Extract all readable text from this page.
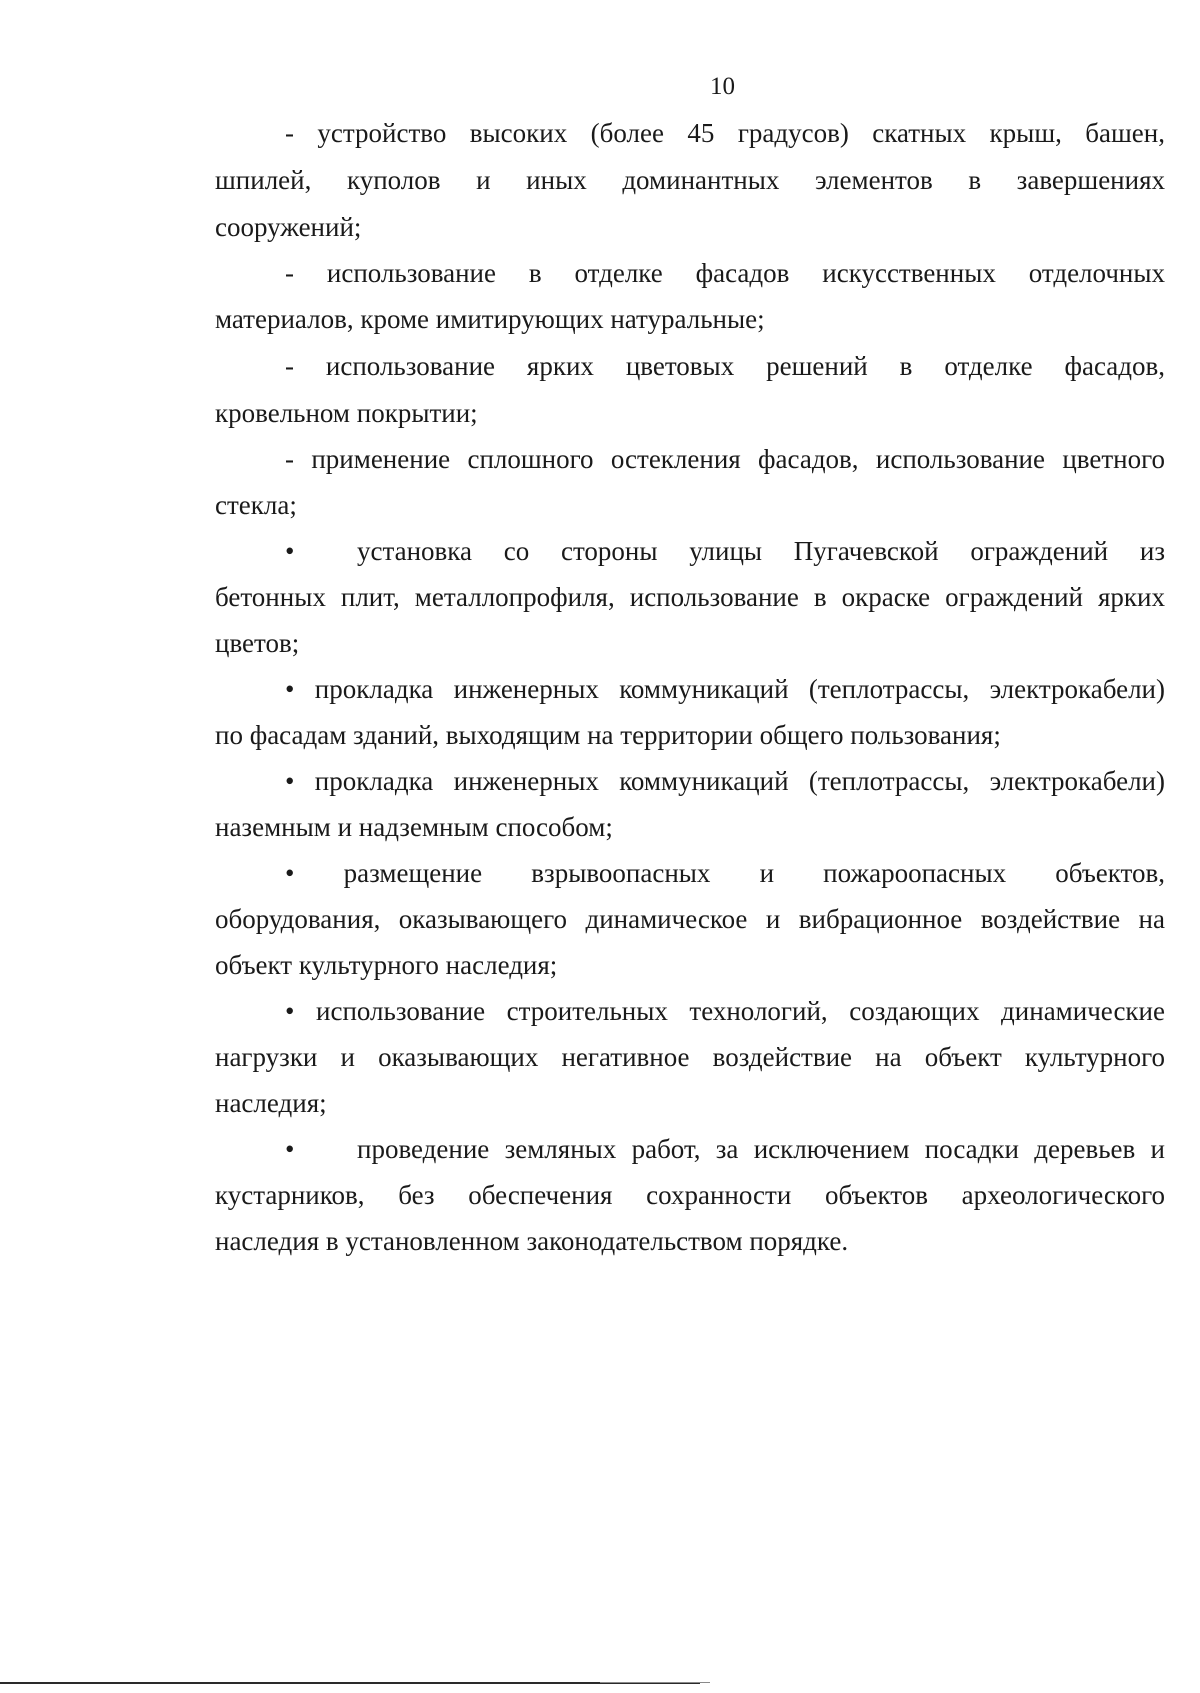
10
- устройство высоких (более 45 градусов) скатных крыш, башен,
шпилей, куполов и иных доминантных элементов в завершениях
сооружений;
- использование в отделке фасадов искусственных отделочных
материалов, кроме имитирующих натуральные;
- использование ярких цветовых решений в отделке фасадов,
кровельном покрытии;
- применение сплошного остекления фасадов, использование цветного
стекла;
• установка со стороны улицы Пугачевской ограждений из
бетонных плит, металлопрофиля, использование в окраске ограждений ярких
цветов;
• прокладка инженерных коммуникаций (теплотрассы, электрокабели)
по фасадам зданий, выходящим на территории общего пользования;
• прокладка инженерных коммуникаций (теплотрассы, электрокабели)
наземным и надземным способом;
• размещение взрывоопасных и пожароопасных объектов,
оборудования, оказывающего динамическое и вибрационное воздействие на
объект культурного наследия;
• использование строительных технологий, создающих динамические
нагрузки и оказывающих негативное воздействие на объект культурного
наследия;
• проведение земляных работ, за исключением посадки деревьев и
кустарников, без обеспечения сохранности объектов археологического
наследия в установленном законодательством порядке.
